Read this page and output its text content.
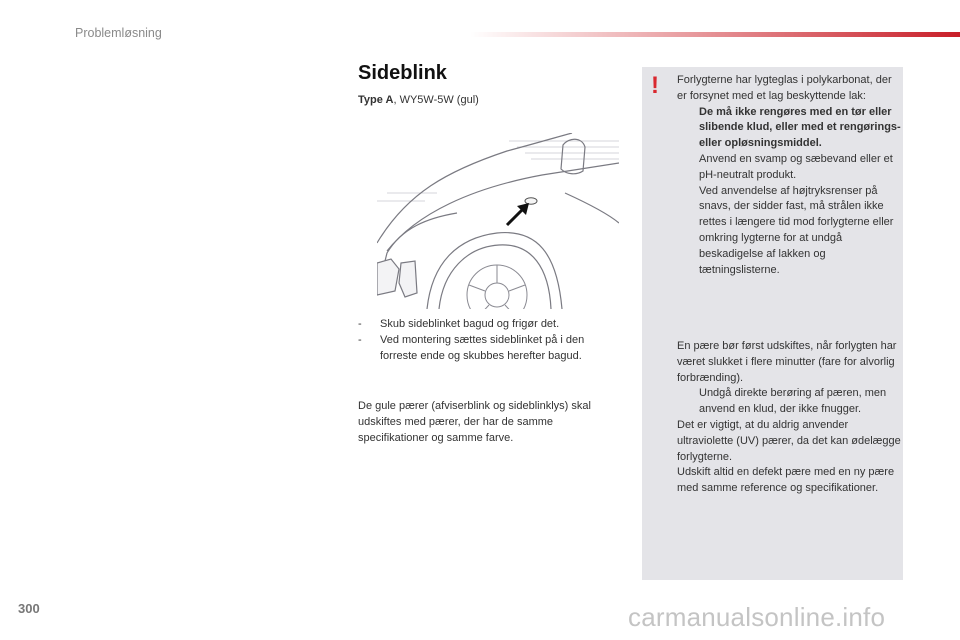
Problemløsning
300
Sideblink
Type A, WY5W-5W (gul)
- Skub sideblinket bagud og frigør det.
- Ved montering sættes sideblinket på i den forreste ende og skubbes herefter bagud.

De gule pærer (afviserblink og sideblinklys) skal udskiftes med pærer, der har de samme specifikationer og samme farve.

! Forlygterne har lygteglas i polykarbonat, der er forsynet med et lag beskyttende lak:

De må ikke rengøres med en tør eller slibende klud, eller med et rengørings- eller opløsningsmiddel.
Anvend en svamp og sæbevand eller et pH-neutralt produkt.
Ved anvendelse af højtryksrenser på snavs, der sidder fast, må strålen ikke rettes i længere tid mod forlygterne eller omkring lygterne for at undgå beskadigelse af lakken og tætningslisterne.

En pære bør først udskiftes, når forlygten har været slukket i flere minutter (fare for alvorlig forbrænding).

Undgå direkte berøring af pæren, men anvend en klud, der ikke fnugger.

Det er vigtigt, at du aldrig anvender ultraviolette (UV) pærer, da det kan ødelægge forlygterne.

Udskift altid en defekt pære med en ny pære med samme reference og specifikationer.

carmanualsonline.info
